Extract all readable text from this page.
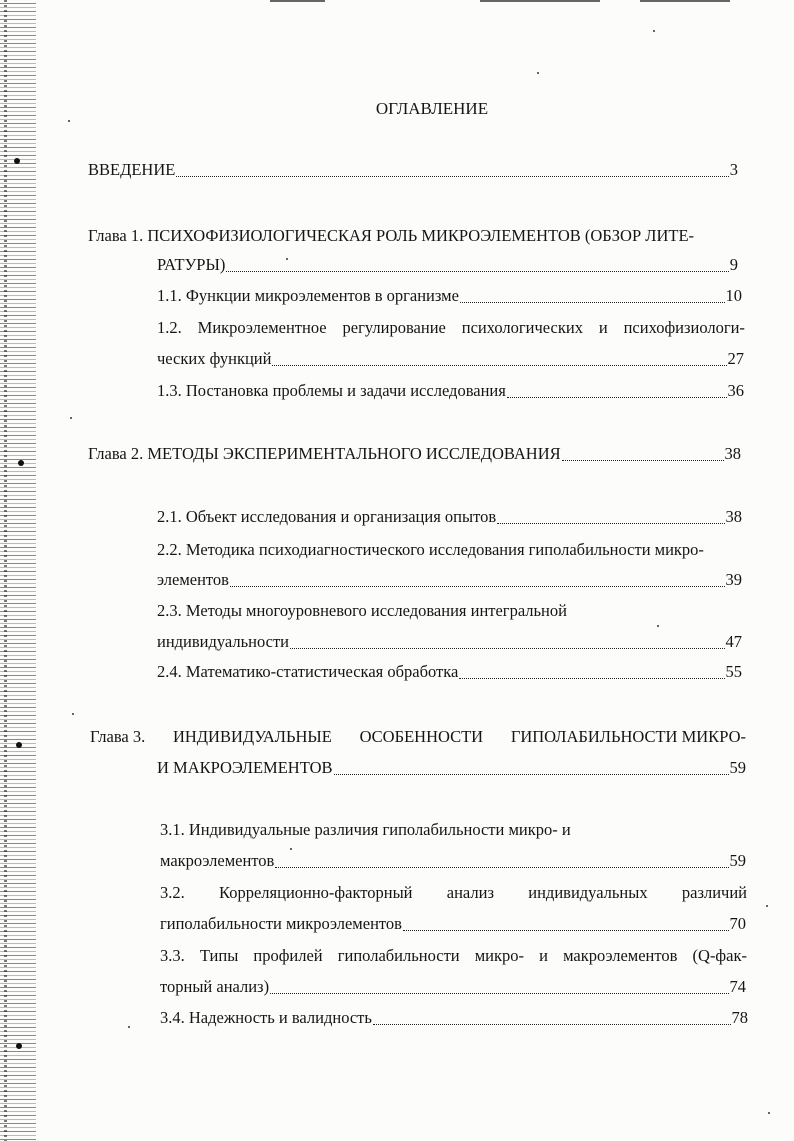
ОГЛАВЛЕНИЕ
ВВЕДЕНИЕ	3
Глава 1. ПСИХОФИЗИОЛОГИЧЕСКАЯ РОЛЬ МИКРОЭЛЕМЕНТОВ (ОБЗОР ЛИТЕ-
РАТУРЫ)	9
1.1. Функции микроэлементов в организме	10
1.2. Микроэлементное регулирование психологических и психофизиологи-
ческих функций	27
1.3. Постановка проблемы и задачи исследования	36
Глава 2. МЕТОДЫ ЭКСПЕРИМЕНТАЛЬНОГО ИССЛЕДОВАНИЯ	38
2.1. Объект исследования и организация опытов	38
2.2. Методика психодиагностического исследования гиполабильности микро-
элементов	39
2.3. Методы многоуровневого исследования интегральной
индивидуальности	47
2.4. Математико-статистическая обработка	55
Глава 3. ИНДИВИДУАЛЬНЫЕ ОСОБЕННОСТИ ГИПОЛАБИЛЬНОСТИ МИКРО-
И МАКРОЭЛЕМЕНТОВ	59
3.1. Индивидуальные различия гиполабильности микро- и
макроэлементов	59
3.2. Корреляционно-факторный анализ индивидуальных различий
гиполабильности микроэлементов	70
3.3. Типы профилей гиполабильности микро- и макроэлементов (Q-фак-
торный анализ)	74
3.4. Надежность и валидность	78
